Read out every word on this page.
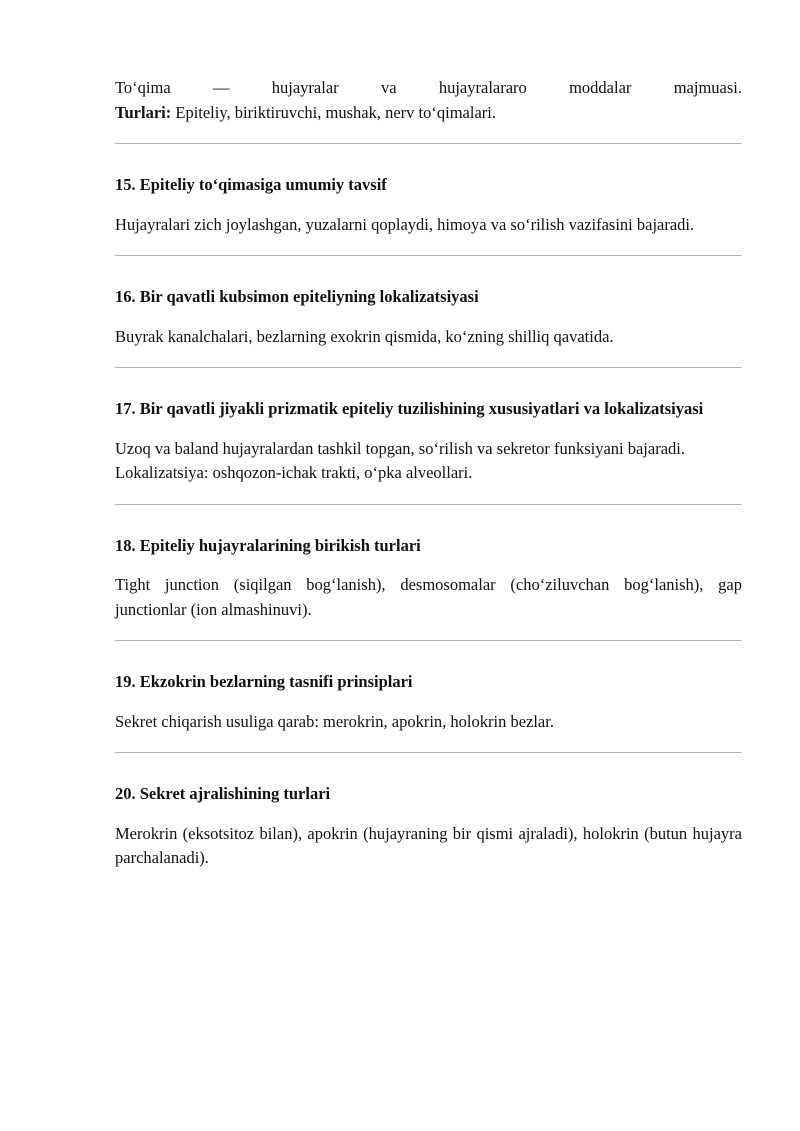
To‘qima — hujayralar va hujayralararo moddalar majmuasi.

Turlari: Epiteliy, biriktiruvchi, mushak, nerv to‘qimalari.

15. Epiteliy to‘qimasiga umumiy tavsif

Hujayralari zich joylashgan, yuzalarni qoplaydi, himoya va so‘rilish vazifasini bajaradi.

16. Bir qavatli kubsimon epiteliyning lokalizatsiyasi

Buyrak kanalchalari, bezlarning exokrin qismida, ko‘zning shilliq qavatida.

17. Bir qavatli jiyakli prizmatik epiteliy tuzilishining xususiyatlari va lokalizatsiyasi

Uzoq va baland hujayralardan tashkil topgan, so‘rilish va sekretor funksiyani bajaradi.

Lokalizatsiya: oshqozon-ichak trakti, o‘pka alveollari.

18. Epiteliy hujayralarining birikish turlari

Tight junction (siqilgan bog‘lanish), desmosomalar (cho‘ziluvchan bog‘lanish), gap junctionlar (ion almashinuvi).

19. Ekzokrin bezlarning tasnifi prinsiplari

Sekret chiqarish usuliga qarab: merokrin, apokrin, holokrin bezlar.

20. Sekret ajralishining turlari

Merokrin (eksotsitoz bilan), apokrin (hujayraning bir qismi ajraladi), holokrin (butun hujayra parchalanadi).
